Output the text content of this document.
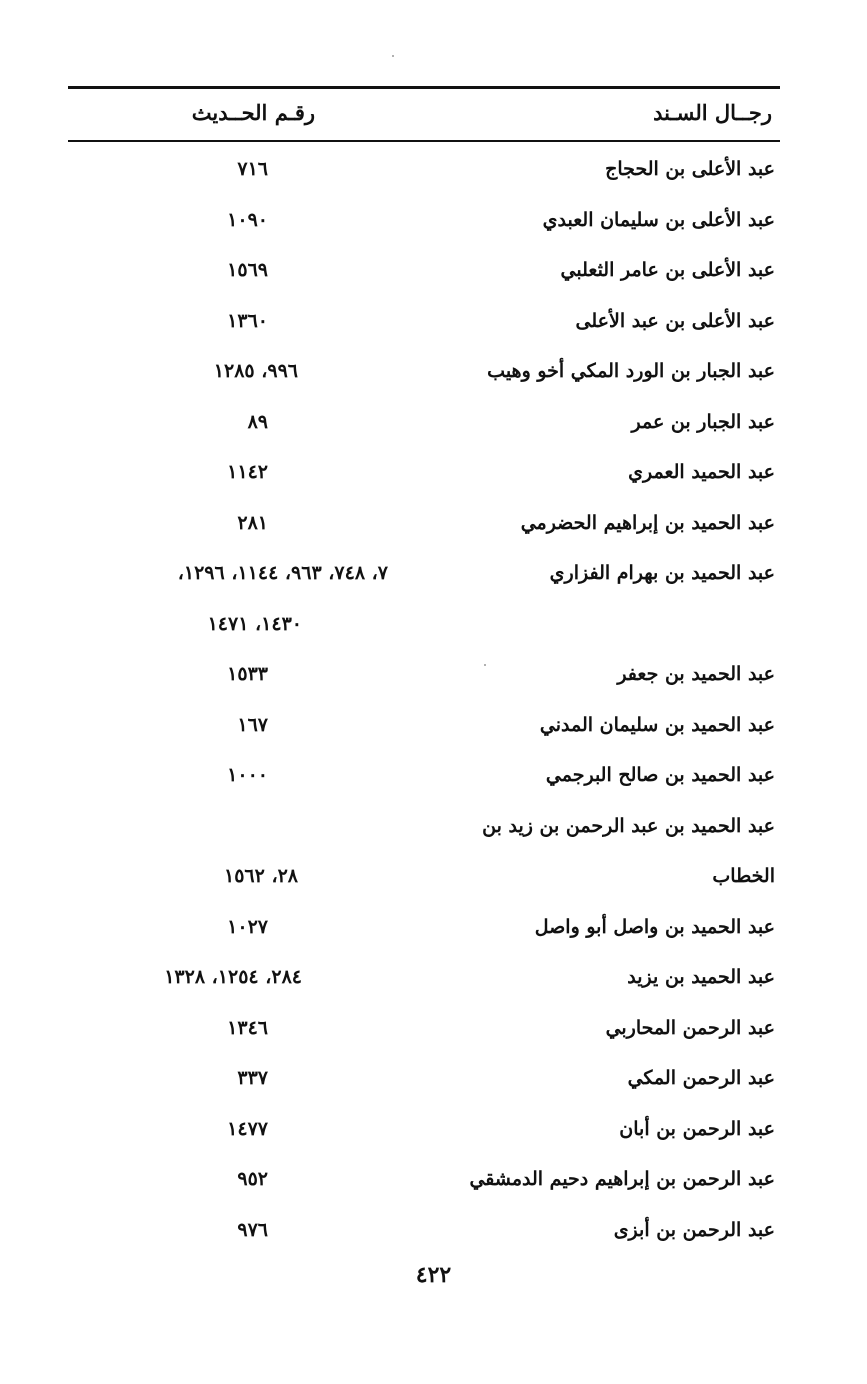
رجــال السـند
رقـم الحــديث
عبد الأعلى بن الحجاج
٧١٦
عبد الأعلى بن سليمان العبدي
١٠٩٠
عبد الأعلى بن عامر الثعلبي
١٥٦٩
عبد الأعلى بن عبد الأعلى
١٣٦٠
عبد الجبار بن الورد المكي أخو وهيب
٩٩٦، ١٢٨٥
عبد الجبار بن عمر
٨٩
عبد الحميد العمري
١١٤٢
عبد الحميد بن إبراهيم الحضرمي
٢٨١
عبد الحميد بن بهرام الفزاري
٧، ٧٤٨، ٩٦٣، ١١٤٤، ١٢٩٦،
١٤٣٠، ١٤٧١
عبد الحميد بن جعفر
١٥٣٣
عبد الحميد بن سليمان المدني
١٦٧
عبد الحميد بن صالح البرجمي
١٠٠٠
عبد الحميد بن عبد الرحمن بن زيد بن
الخطاب
٢٨، ١٥٦٢
عبد الحميد بن واصل أبو واصل
١٠٢٧
عبد الحميد بن يزيد
٢٨٤، ١٢٥٤، ١٣٢٨
عبد الرحمن المحاربي
١٣٤٦
عبد الرحمن المكي
٣٣٧
عبد الرحمن بن أبان
١٤٧٧
عبد الرحمن بن إبراهيم دحيم الدمشقي
٩٥٢
عبد الرحمن بن أبزى
٩٧٦
٤٢٢
